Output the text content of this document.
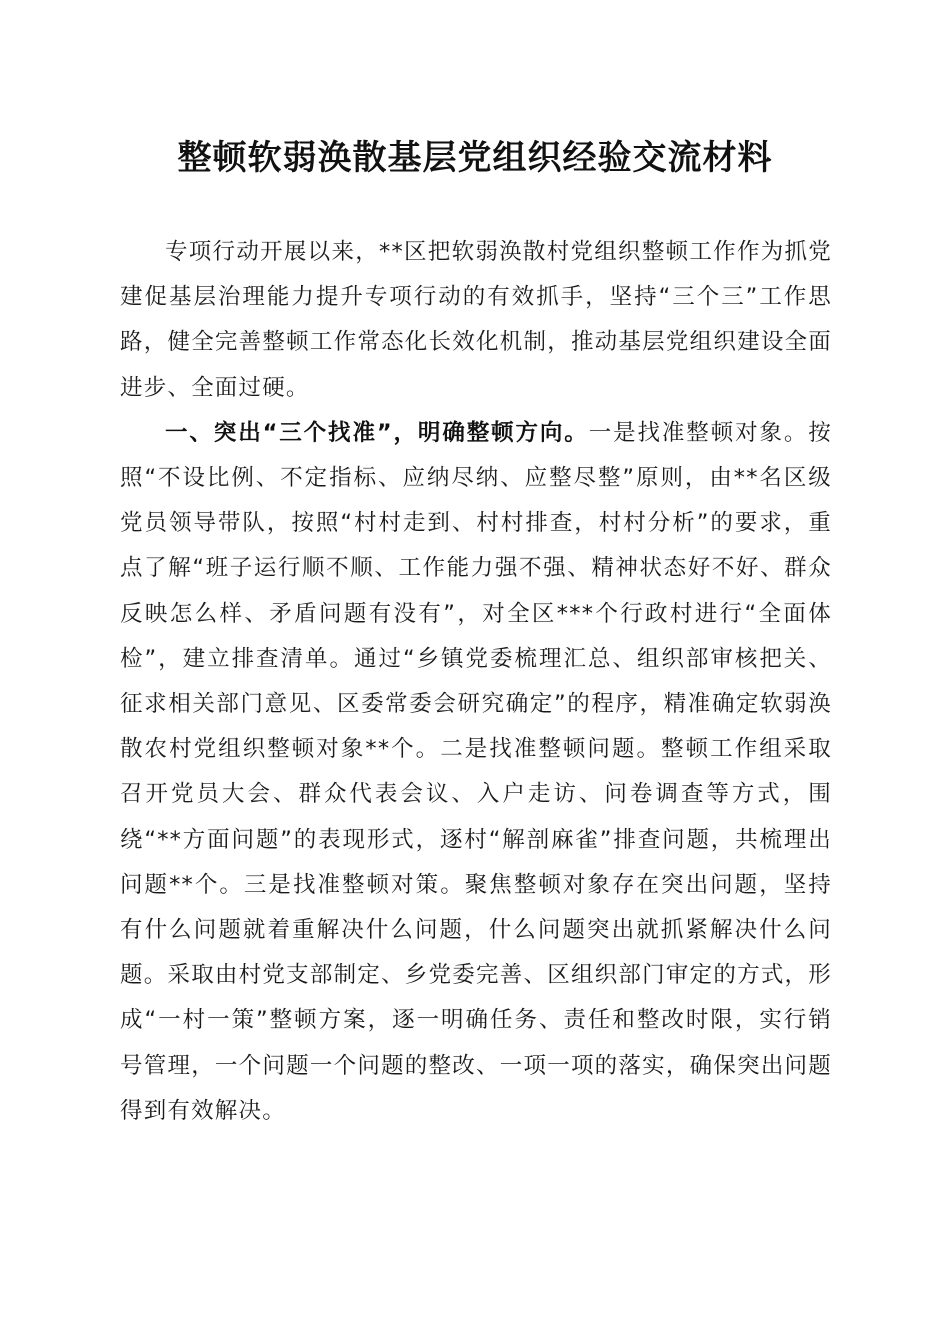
整顿软弱涣散基层党组织经验交流材料

专项行动开展以来，**区把软弱涣散村党组织整顿工作作为抓党建促基层治理能力提升专项行动的有效抓手，坚持“三个三”工作思路，健全完善整顿工作常态化长效化机制，推动基层党组织建设全面进步、全面过硬。

一、突出“三个找准”，明确整顿方向。一是找准整顿对象。按照“不设比例、不定指标、应纳尽纳、应整尽整”原则，由**名区级党员领导带队，按照“村村走到、村村排查，村村分析”的要求，重点了解“班子运行顺不顺、工作能力强不强、精神状态好不好、群众反映怎么样、矛盾问题有没有”，对全区***个行政村进行“全面体检”，建立排查清单。通过“乡镇党委梳理汇总、组织部审核把关、征求相关部门意见、区委常委会研究确定”的程序，精准确定软弱涣散农村党组织整顿对象**个。二是找准整顿问题。整顿工作组采取召开党员大会、群众代表会议、入户走访、问卷调查等方式，围绕“**方面问题”的表现形式，逐村“解剖麻雀”排查问题，共梳理出问题**个。三是找准整顿对策。聚焦整顿对象存在突出问题，坚持有什么问题就着重解决什么问题，什么问题突出就抓紧解决什么问题。采取由村党支部制定、乡党委完善、区组织部门审定的方式，形成“一村一策”整顿方案，逐一明确任务、责任和整改时限，实行销号管理，一个问题一个问题的整改、一项一项的落实，确保突出问题得到有效解决。
